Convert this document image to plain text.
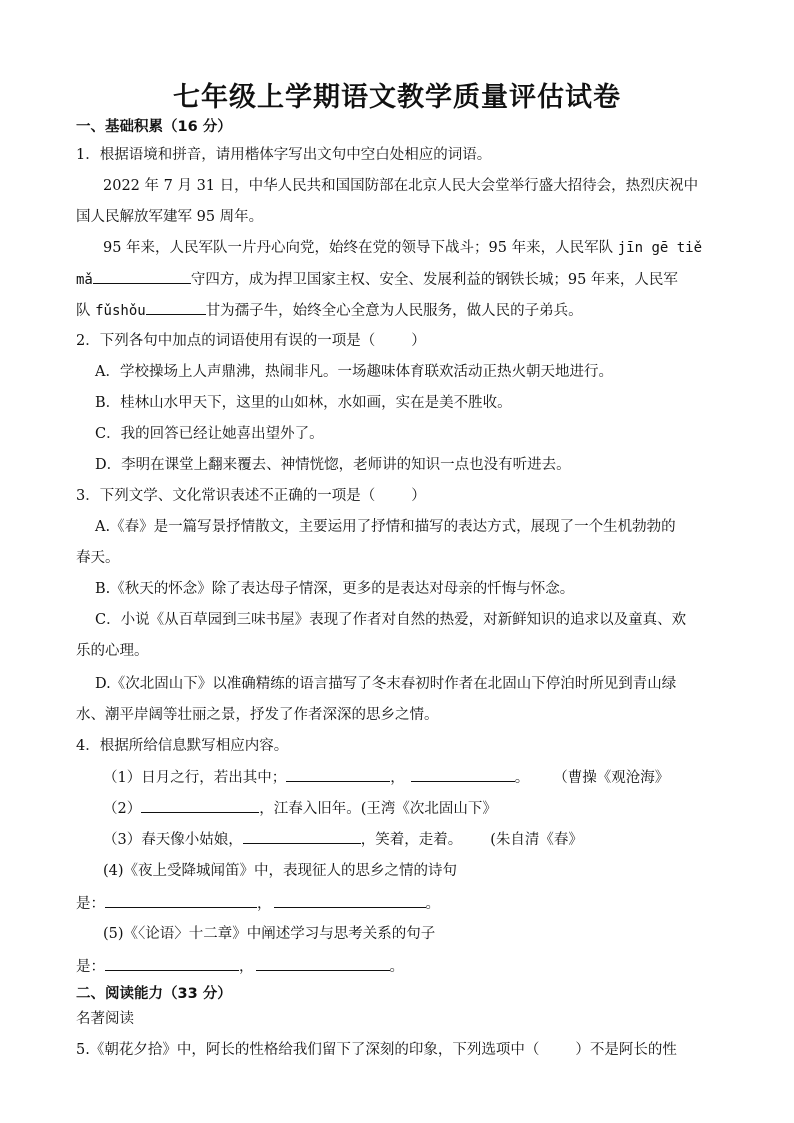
七年级上学期语文教学质量评估试卷
一、基础积累（16 分）
1．根据语境和拼音，请用楷体字写出文句中空白处相应的词语。
2022 年 7 月 31 日，中华人民共和国国防部在北京人民大会堂举行盛大招待会，热烈庆祝中
国人民解放军建军 95 周年。
95 年来，人民军队一片丹心向党，始终在党的领导下战斗；95 年来，人民军队 jīn gē tiě
mǎ	守四方，成为捍卫国家主权、安全、发展利益的钢铁长城；95 年来，人民军
队 fǔshǒu	甘为孺子牛，始终全心全意为人民服务，做人民的子弟兵。
2．下列各句中加点的词语使用有误的一项是（ ）
A．学校操场上人声鼎沸，热闹非凡。一场趣味体育联欢活动正热火朝天地进行。
B．桂林山水甲天下，这里的山如林，水如画，实在是美不胜收。
C．我的回答已经让她喜出望外了。
D．李明在课堂上翻来覆去、神情恍惚，老师讲的知识一点也没有听进去。
3．下列文学、文化常识表述不正确的一项是（ ）
A.《春》是一篇写景抒情散文，主要运用了抒情和描写的表达方式，展现了一个生机勃勃的
春天。
B.《秋天的怀念》除了表达母子情深，更多的是表达对母亲的忏悔与怀念。
C．小说《从百草园到三味书屋》表现了作者对自然的热爱，对新鲜知识的追求以及童真、欢
乐的心理。
D.《次北固山下》以准确精练的语言描写了冬末春初时作者在北固山下停泊时所见到青山绿
水、潮平岸阔等壮丽之景，抒发了作者深深的思乡之情。
4．根据所给信息默写相应内容。
（1）日月之行，若出其中；	，	。 （曹操《观沧海》
（2）	，江春入旧年。(王湾《次北固山下》
（3）春天像小姑娘，	，笑着，走着。 (朱自清《春》
(4)《夜上受降城闻笛》中，表现征人的思乡之情的诗句
是：	，	。
(5)《〈论语〉十二章》中阐述学习与思考关系的句子
是：	，	。
二、阅读能力（33 分）
名著阅读
5.《朝花夕拾》中，阿长的性格给我们留下了深刻的印象，下列选项中（ ）不是阿长的性
